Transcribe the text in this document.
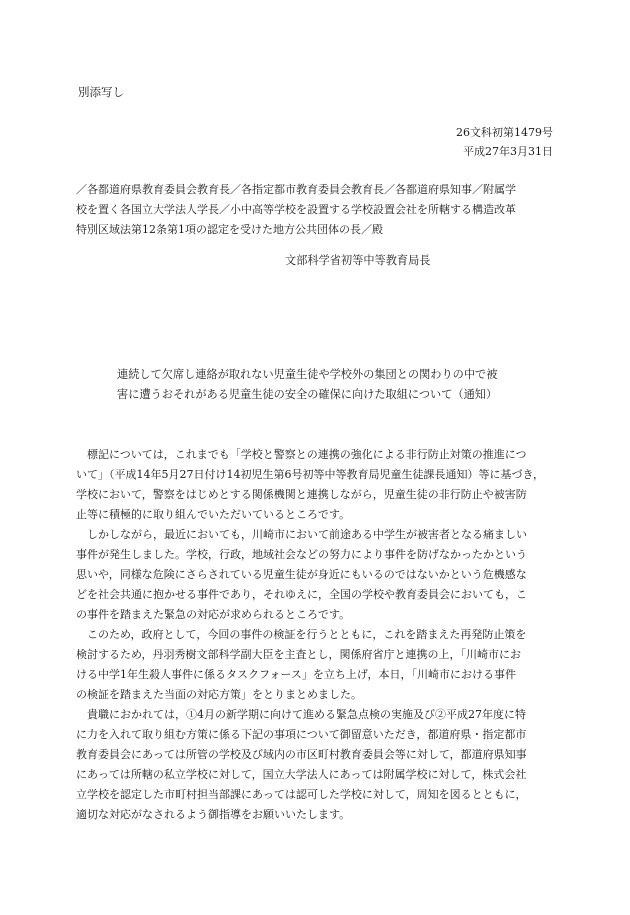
別添写し
26文科初第1479号
平成27年3月31日
／各都道府県教育委員会教育長／各指定都市教育委員会教育長／各都道府県知事／附属学
校を置く各国立大学法人学長／小中高等学校を設置する学校設置会社を所轄する構造改革
特別区域法第12条第1項の認定を受けた地方公共団体の長／殿
文部科学省初等中等教育局長
連続して欠席し連絡が取れない児童生徒や学校外の集団との関わりの中で被
害に遭うおそれがある児童生徒の安全の確保に向けた取組について（通知）
　標記については，これまでも「学校と警察との連携の強化による非行防止対策の推進につ
いて」（平成14年5月27日付け14初児生第6号初等中等教育局児童生徒課長通知）等に基づき，
学校において，警察をはじめとする関係機関と連携しながら，児童生徒の非行防止や被害防
止等に積極的に取り組んでいただいているところです。
　しかしながら，最近においても，川崎市において前途ある中学生が被害者となる痛ましい
事件が発生しました。学校，行政，地域社会などの努力により事件を防げなかったかという
思いや，同様な危険にさらされている児童生徒が身近にもいるのではないかという危機感な
どを社会共通に抱かせる事件であり，それゆえに，全国の学校や教育委員会においても，こ
の事件を踏まえた緊急の対応が求められるところです。
　このため，政府として，今回の事件の検証を行うとともに，これを踏まえた再発防止策を
検討するため，丹羽秀樹文部科学副大臣を主査とし，関係府省庁と連携の上，「川崎市にお
ける中学1年生殺人事件に係るタスクフォース」を立ち上げ，本日，「川崎市における事件
の検証を踏まえた当面の対応方策」をとりまとめました。
　貴職におかれては，①4月の新学期に向けて進める緊急点検の実施及び②平成27年度に特
に力を入れて取り組む方策に係る下記の事項について御留意いただき，都道府県・指定都市
教育委員会にあっては所管の学校及び域内の市区町村教育委員会等に対して，都道府県知事
にあっては所轄の私立学校に対して，国立大学法人にあっては附属学校に対して，株式会社
立学校を認定した市町村担当部課にあっては認可した学校に対して，周知を図るとともに，
適切な対応がなされるよう御指導をお願いいたします。
